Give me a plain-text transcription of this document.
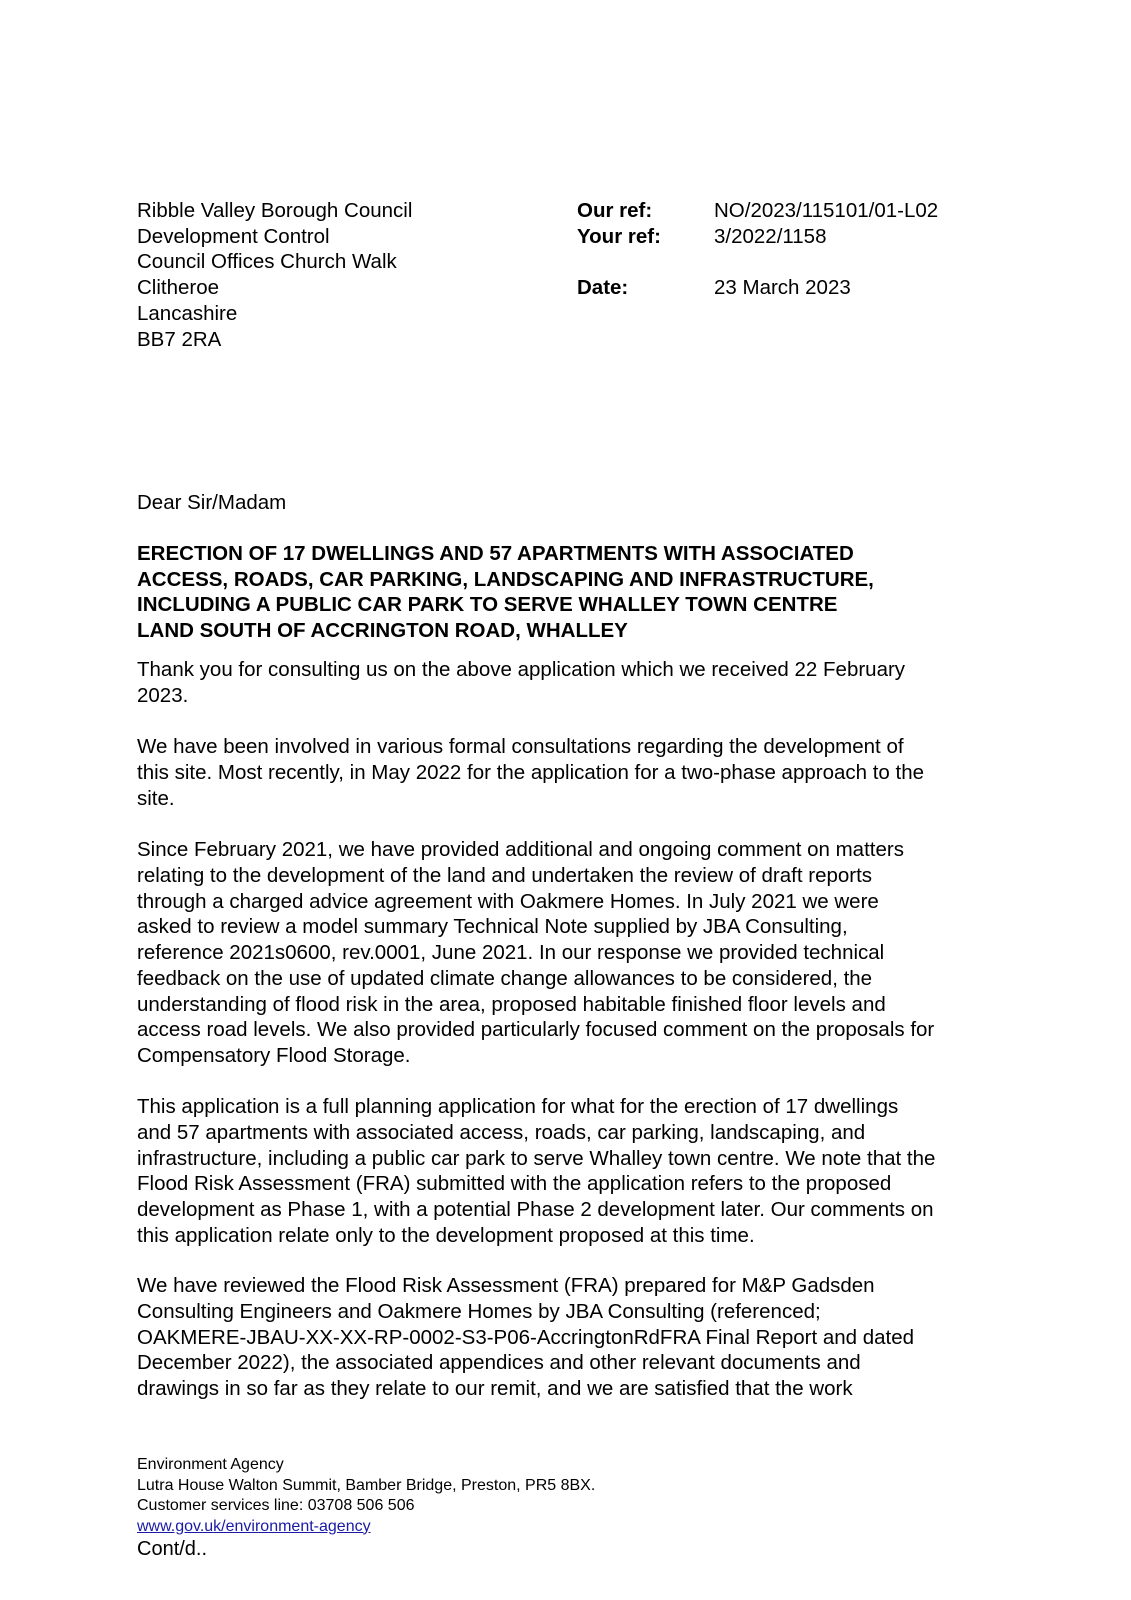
Ribble Valley Borough Council
Development Control
Council Offices Church Walk
Clitheroe
Lancashire
BB7 2RA
Our ref:	NO/2023/115101/01-L02
Your ref:	3/2022/1158
Date:	23 March 2023
Dear Sir/Madam
ERECTION OF 17 DWELLINGS AND 57 APARTMENTS WITH ASSOCIATED
ACCESS, ROADS, CAR PARKING, LANDSCAPING AND INFRASTRUCTURE,
INCLUDING A PUBLIC CAR PARK TO SERVE WHALLEY TOWN CENTRE
LAND SOUTH OF ACCRINGTON ROAD, WHALLEY
Thank you for consulting us on the above application which we received 22 February
2023.
We have been involved in various formal consultations regarding the development of
this site. Most recently, in May 2022 for the application for a two-phase approach to the
site.
Since February 2021, we have provided additional and ongoing comment on matters
relating to the development of the land and undertaken the review of draft reports
through a charged advice agreement with Oakmere Homes. In July 2021 we were
asked to review a model summary Technical Note supplied by JBA Consulting,
reference 2021s0600, rev.0001, June 2021. In our response we provided technical
feedback on the use of updated climate change allowances to be considered, the
understanding of flood risk in the area, proposed habitable finished floor levels and
access road levels. We also provided particularly focused comment on the proposals for
Compensatory Flood Storage.
This application is a full planning application for what for the erection of 17 dwellings
and 57 apartments with associated access, roads, car parking, landscaping, and
infrastructure, including a public car park to serve Whalley town centre. We note that the
Flood Risk Assessment (FRA) submitted with the application refers to the proposed
development as Phase 1, with a potential Phase 2 development later. Our comments on
this application relate only to the development proposed at this time.
We have reviewed the Flood Risk Assessment (FRA) prepared for M&P Gadsden
Consulting Engineers and Oakmere Homes by JBA Consulting (referenced;
OAKMERE-JBAU-XX-XX-RP-0002-S3-P06-AccringtonRdFRA Final Report and dated
December 2022), the associated appendices and other relevant documents and
drawings in so far as they relate to our remit, and we are satisfied that the work
Environment Agency
Lutra House Walton Summit, Bamber Bridge, Preston, PR5 8BX.
Customer services line: 03708 506 506
www.gov.uk/environment-agency
Cont/d..
